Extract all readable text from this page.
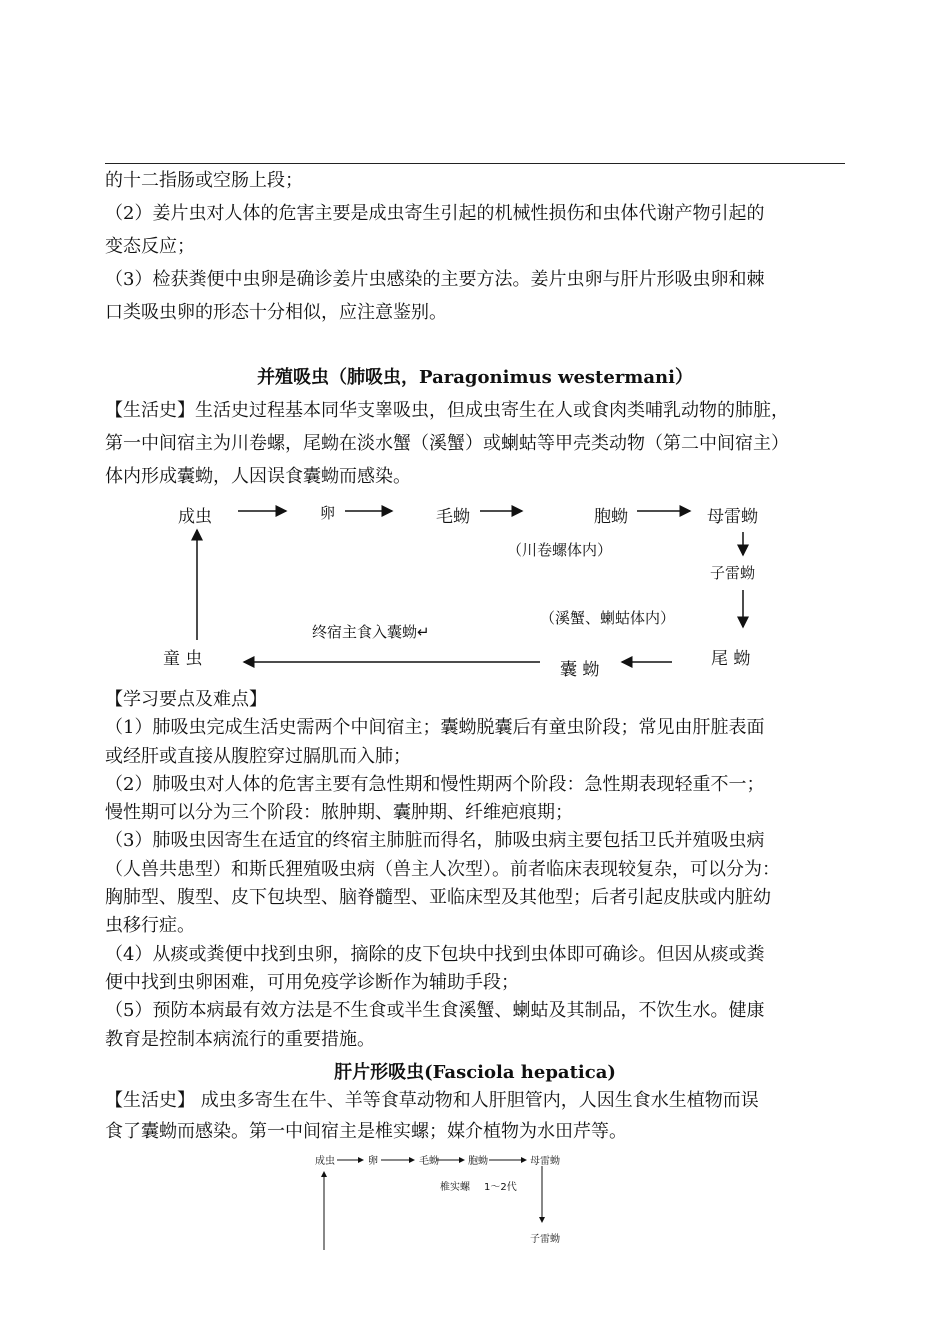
的十二指肠或空肠上段；
（2）姜片虫对人体的危害主要是成虫寄生引起的机械性损伤和虫体代谢产物引起的
变态反应；
（3）检获粪便中虫卵是确诊姜片虫感染的主要方法。姜片虫卵与肝片形吸虫卵和棘
口类吸虫卵的形态十分相似，应注意鉴别。
并殖吸虫（肺吸虫，Paragonimus westermani）
【生活史】生活史过程基本同华支睾吸虫，但成虫寄生在人或食肉类哺乳动物的肺脏，
第一中间宿主为川卷螺，尾蚴在淡水蟹（溪蟹）或蝲蛄等甲壳类动物（第二中间宿主）
体内形成囊蚴，人因误食囊蚴而感染。
成虫	卵	毛蚴	胞蚴	母雷蚴
（川卷螺体内）
子雷蚴
（溪蟹、蝲蛄体内）
终宿主食入囊蚴↵
尾 蚴
囊 蚴
童 虫
【学习要点及难点】
（1）肺吸虫完成生活史需两个中间宿主；囊蚴脱囊后有童虫阶段；常见由肝脏表面
或经肝或直接从腹腔穿过膈肌而入肺；
（2）肺吸虫对人体的危害主要有急性期和慢性期两个阶段：急性期表现轻重不一；
慢性期可以分为三个阶段：脓肿期、囊肿期、纤维疤痕期；
（3）肺吸虫因寄生在适宜的终宿主肺脏而得名，肺吸虫病主要包括卫氏并殖吸虫病
（人兽共患型）和斯氏狸殖吸虫病（兽主人次型）。前者临床表现较复杂，可以分为：
胸肺型、腹型、皮下包块型、脑脊髓型、亚临床型及其他型；后者引起皮肤或内脏幼
虫移行症。
（4）从痰或粪便中找到虫卵，摘除的皮下包块中找到虫体即可确诊。但因从痰或粪
便中找到虫卵困难，可用免疫学诊断作为辅助手段；
（5）预防本病最有效方法是不生食或半生食溪蟹、蝲蛄及其制品，不饮生水。健康
教育是控制本病流行的重要措施。
肝片形吸虫(Fasciola hepatica)
【生活史】 成虫多寄生在牛、羊等食草动物和人肝胆管内，人因生食水生植物而误
食了囊蚴而感染。第一中间宿主是椎实螺；媒介植物为水田芹等。
成虫	卵	毛蚴	胞蚴	母雷蚴
椎实螺 1～2代
子雷蚴
